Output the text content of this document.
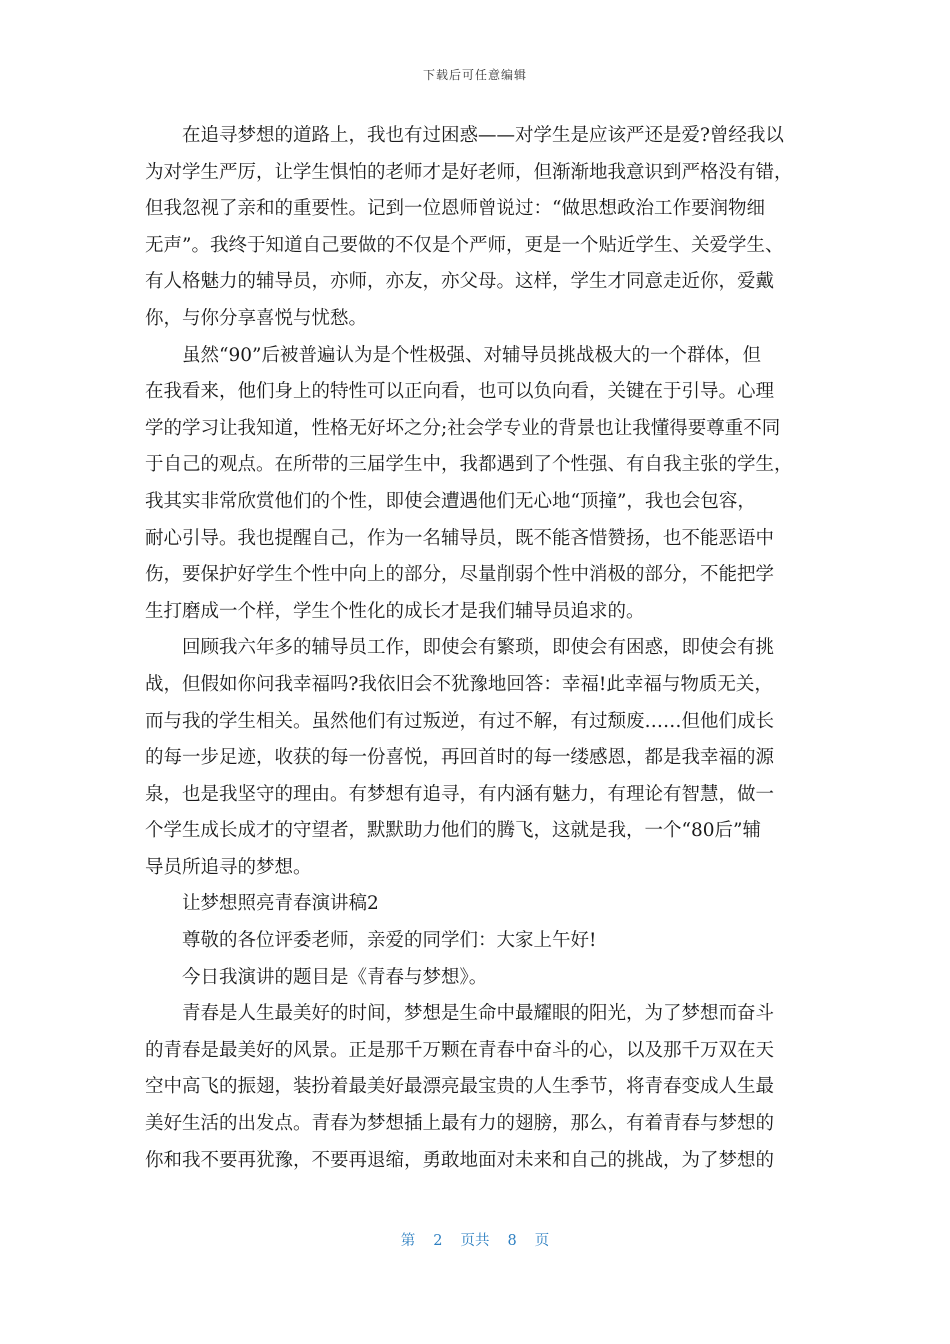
下载后可任意编辑
在追寻梦想的道路上，我也有过困惑——对学生是应该严还是爱?曾经我以
为对学生严厉，让学生惧怕的老师才是好老师，但渐渐地我意识到严格没有错，
但我忽视了亲和的重要性。记到一位恩师曾说过：“做思想政治工作要润物细
无声”。我终于知道自己要做的不仅是个严师，更是一个贴近学生、关爱学生、
有人格魅力的辅导员，亦师，亦友，亦父母。这样，学生才同意走近你，爱戴
你，与你分享喜悦与忧愁。
虽然“90”后被普遍认为是个性极强、对辅导员挑战极大的一个群体，但
在我看来，他们身上的特性可以正向看，也可以负向看，关键在于引导。心理
学的学习让我知道，性格无好坏之分;社会学专业的背景也让我懂得要尊重不同
于自己的观点。在所带的三届学生中，我都遇到了个性强、有自我主张的学生，
我其实非常欣赏他们的个性，即使会遭遇他们无心地“顶撞”，我也会包容，
耐心引导。我也提醒自己，作为一名辅导员，既不能吝惜赞扬，也不能恶语中
伤，要保护好学生个性中向上的部分，尽量削弱个性中消极的部分，不能把学
生打磨成一个样，学生个性化的成长才是我们辅导员追求的。
回顾我六年多的辅导员工作，即使会有繁琐，即使会有困惑，即使会有挑
战，但假如你问我幸福吗?我依旧会不犹豫地回答：幸福!此幸福与物质无关，
而与我的学生相关。虽然他们有过叛逆，有过不解，有过颓废……但他们成长
的每一步足迹，收获的每一份喜悦，再回首时的每一缕感恩，都是我幸福的源
泉，也是我坚守的理由。有梦想有追寻，有内涵有魅力，有理论有智慧，做一
个学生成长成才的守望者，默默助力他们的腾飞，这就是我，一个“80后”辅
导员所追寻的梦想。
让梦想照亮青春演讲稿2
尊敬的各位评委老师，亲爱的同学们：大家上午好!
今日我演讲的题目是《青春与梦想》。
青春是人生最美好的时间，梦想是生命中最耀眼的阳光，为了梦想而奋斗
的青春是最美好的风景。正是那千万颗在青春中奋斗的心，以及那千万双在天
空中高飞的振翅，装扮着最美好最漂亮最宝贵的人生季节，将青春变成人生最
美好生活的出发点。青春为梦想插上最有力的翅膀，那么，有着青春与梦想的
你和我不要再犹豫，不要再退缩，勇敢地面对未来和自己的挑战，为了梦想的
第 2 页共 8 页
